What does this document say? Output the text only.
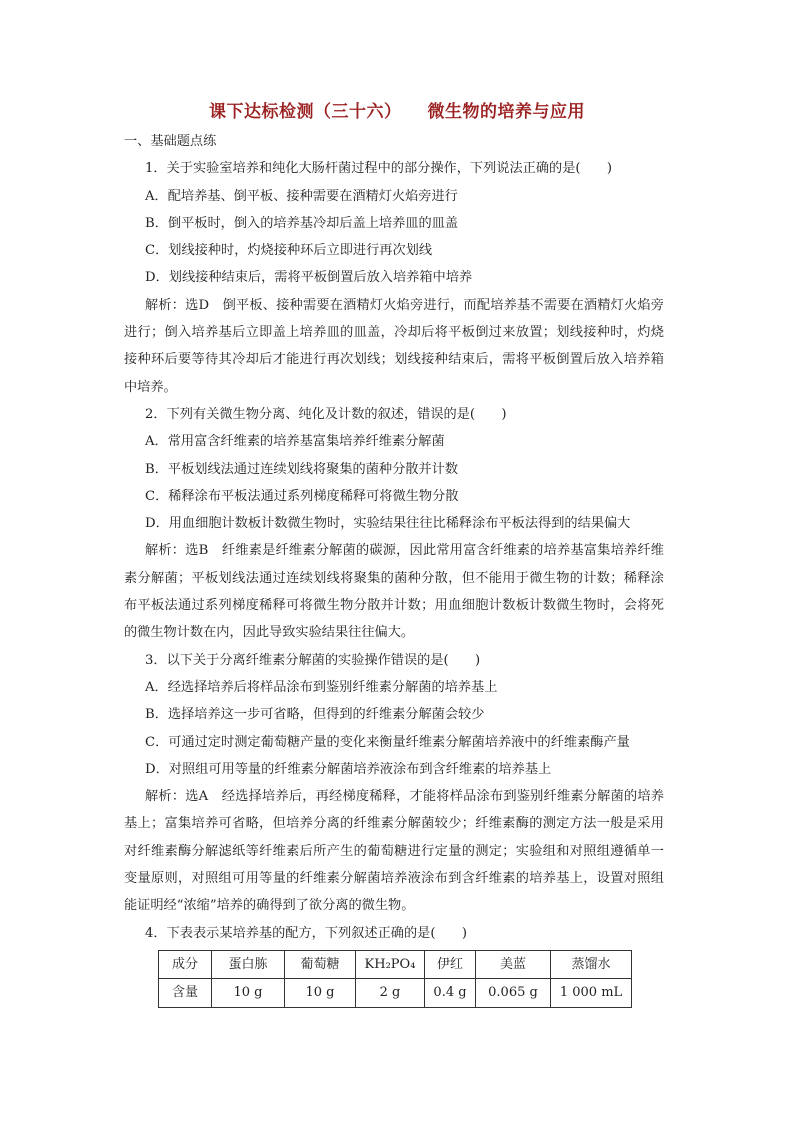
课下达标检测（三十六） 微生物的培养与应用
一、基础题点练
1．关于实验室培养和纯化大肠杆菌过程中的部分操作，下列说法正确的是(　　)
A．配培养基、倒平板、接种需要在酒精灯火焰旁进行
B．倒平板时，倒入的培养基冷却后盖上培养皿的皿盖
C．划线接种时，灼烧接种环后立即进行再次划线
D．划线接种结束后，需将平板倒置后放入培养箱中培养
解析：选D　倒平板、接种需要在酒精灯火焰旁进行，而配培养基不需要在酒精灯火焰旁进行；倒入培养基后立即盖上培养皿的皿盖，冷却后将平板倒过来放置；划线接种时，灼烧接种环后要等待其冷却后才能进行再次划线；划线接种结束后，需将平板倒置后放入培养箱中培养。
2．下列有关微生物分离、纯化及计数的叙述，错误的是(　　)
A．常用富含纤维素的培养基富集培养纤维素分解菌
B．平板划线法通过连续划线将聚集的菌种分散并计数
C．稀释涂布平板法通过系列梯度稀释可将微生物分散
D．用血细胞计数板计数微生物时，实验结果往往比稀释涂布平板法得到的结果偏大
解析：选B　纤维素是纤维素分解菌的碳源，因此常用富含纤维素的培养基富集培养纤维素分解菌；平板划线法通过连续划线将聚集的菌种分散，但不能用于微生物的计数；稀释涂布平板法通过系列梯度稀释可将微生物分散并计数；用血细胞计数板计数微生物时，会将死的微生物计数在内，因此导致实验结果往往偏大。
3．以下关于分离纤维素分解菌的实验操作错误的是(　　)
A．经选择培养后将样品涂布到鉴别纤维素分解菌的培养基上
B．选择培养这一步可省略，但得到的纤维素分解菌会较少
C．可通过定时测定葡萄糖产量的变化来衡量纤维素分解菌培养液中的纤维素酶产量
D．对照组可用等量的纤维素分解菌培养液涂布到含纤维素的培养基上
解析：选A　经选择培养后，再经梯度稀释，才能将样品涂布到鉴别纤维素分解菌的培养基上；富集培养可省略，但培养分离的纤维素分解菌较少；纤维素酶的测定方法一般是采用对纤维素酶分解滤纸等纤维素后所产生的葡萄糖进行定量的测定；实验组和对照组遵循单一变量原则，对照组可用等量的纤维素分解菌培养液涂布到含纤维素的培养基上，设置对照组能证明经“浓缩”培养的确得到了欲分离的微生物。
4．下表表示某培养基的配方，下列叙述正确的是(　　)
成分	蛋白胨	葡萄糖	KH₂PO₄	伊红	美蓝	蒸馏水
含量	10 g	10 g	2 g	0.4 g	0.065 g	1 000 mL
